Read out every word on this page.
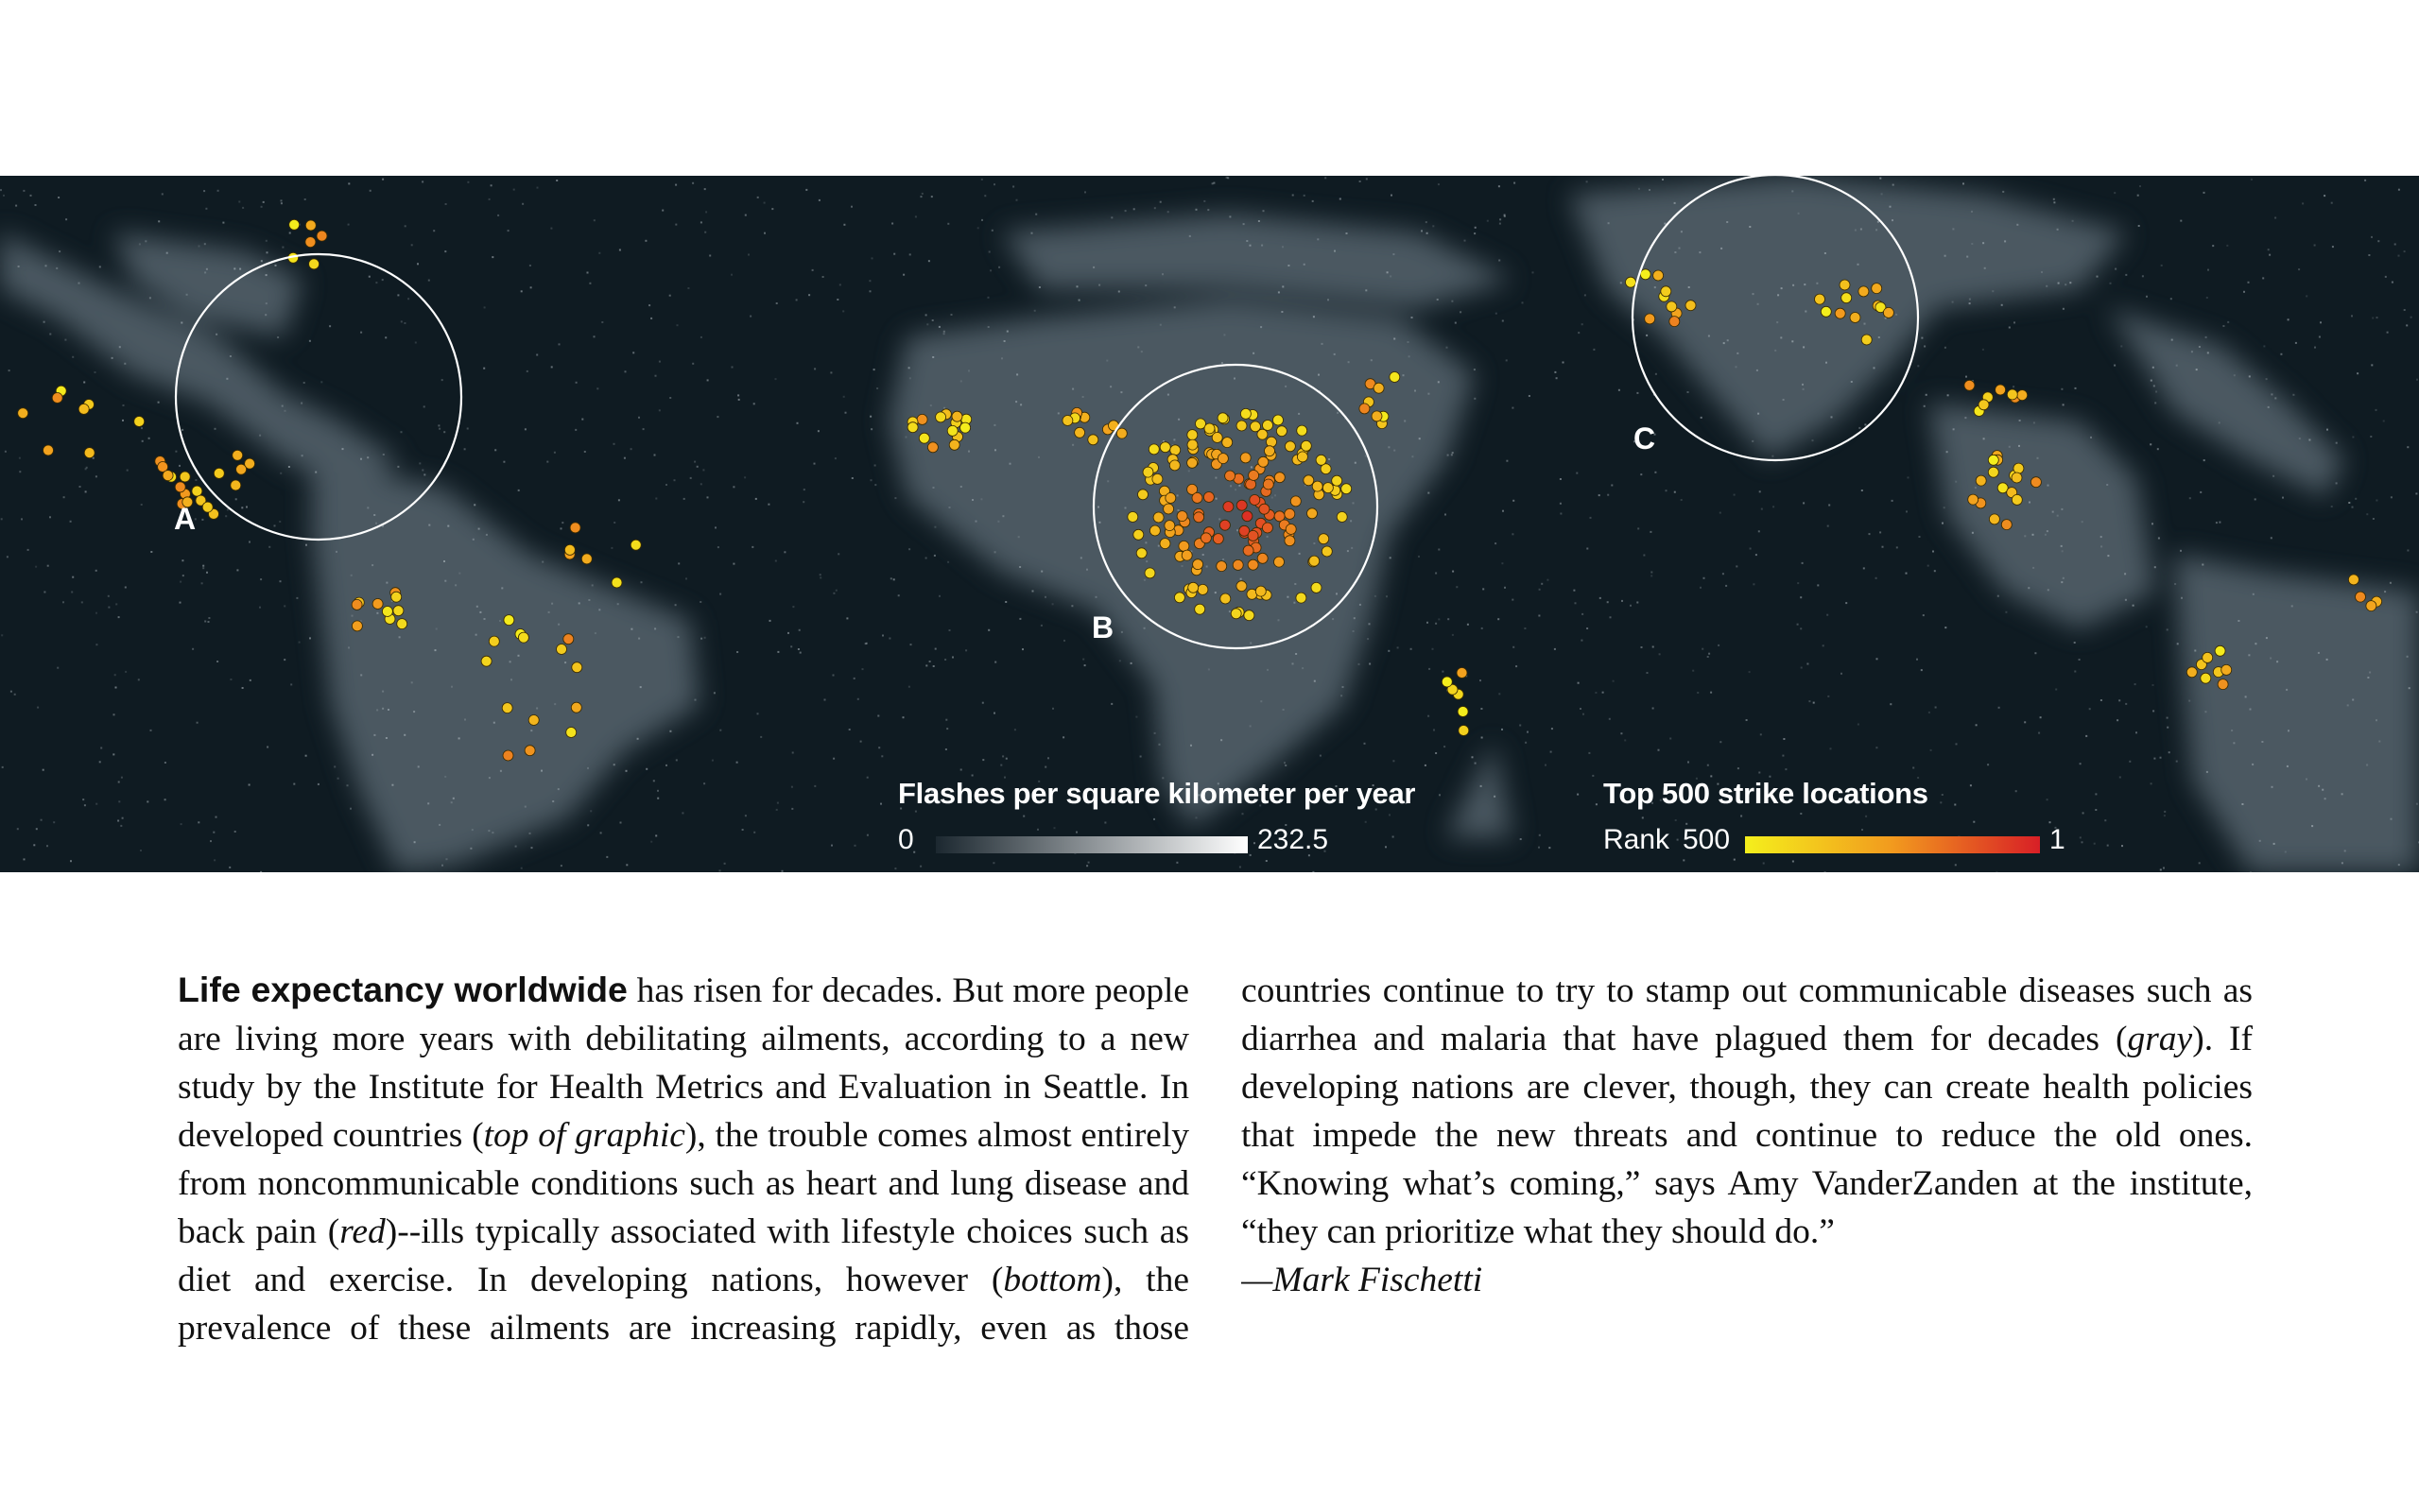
A
B
C
Flashes per square kilometer per year
0	232.5
Top 500 strike locations
Rank 500	1

Life expectancy worldwide has risen for decades. But more people are living more years with debilitating ailments, according to a new study by the Institute for Health Metrics and Evaluation in Seattle. In developed countries (top of graphic), the trouble comes almost entirely from noncommunicable conditions such as heart and lung disease and back pain (red)--ills typically associated with lifestyle choices such as diet and exercise. In developing nations, however (bottom), the prevalence of these ailments are increasing rapidly, even as those

countries continue to try to stamp out communicable diseases such as diarrhea and malaria that have plagued them for decades (gray). If developing nations are clever, though, they can create health policies that impede the new threats and continue to reduce the old ones. “Knowing what’s coming,” says Amy VanderZanden at the institute, “they can prioritize what they should do.”
—Mark Fischetti
